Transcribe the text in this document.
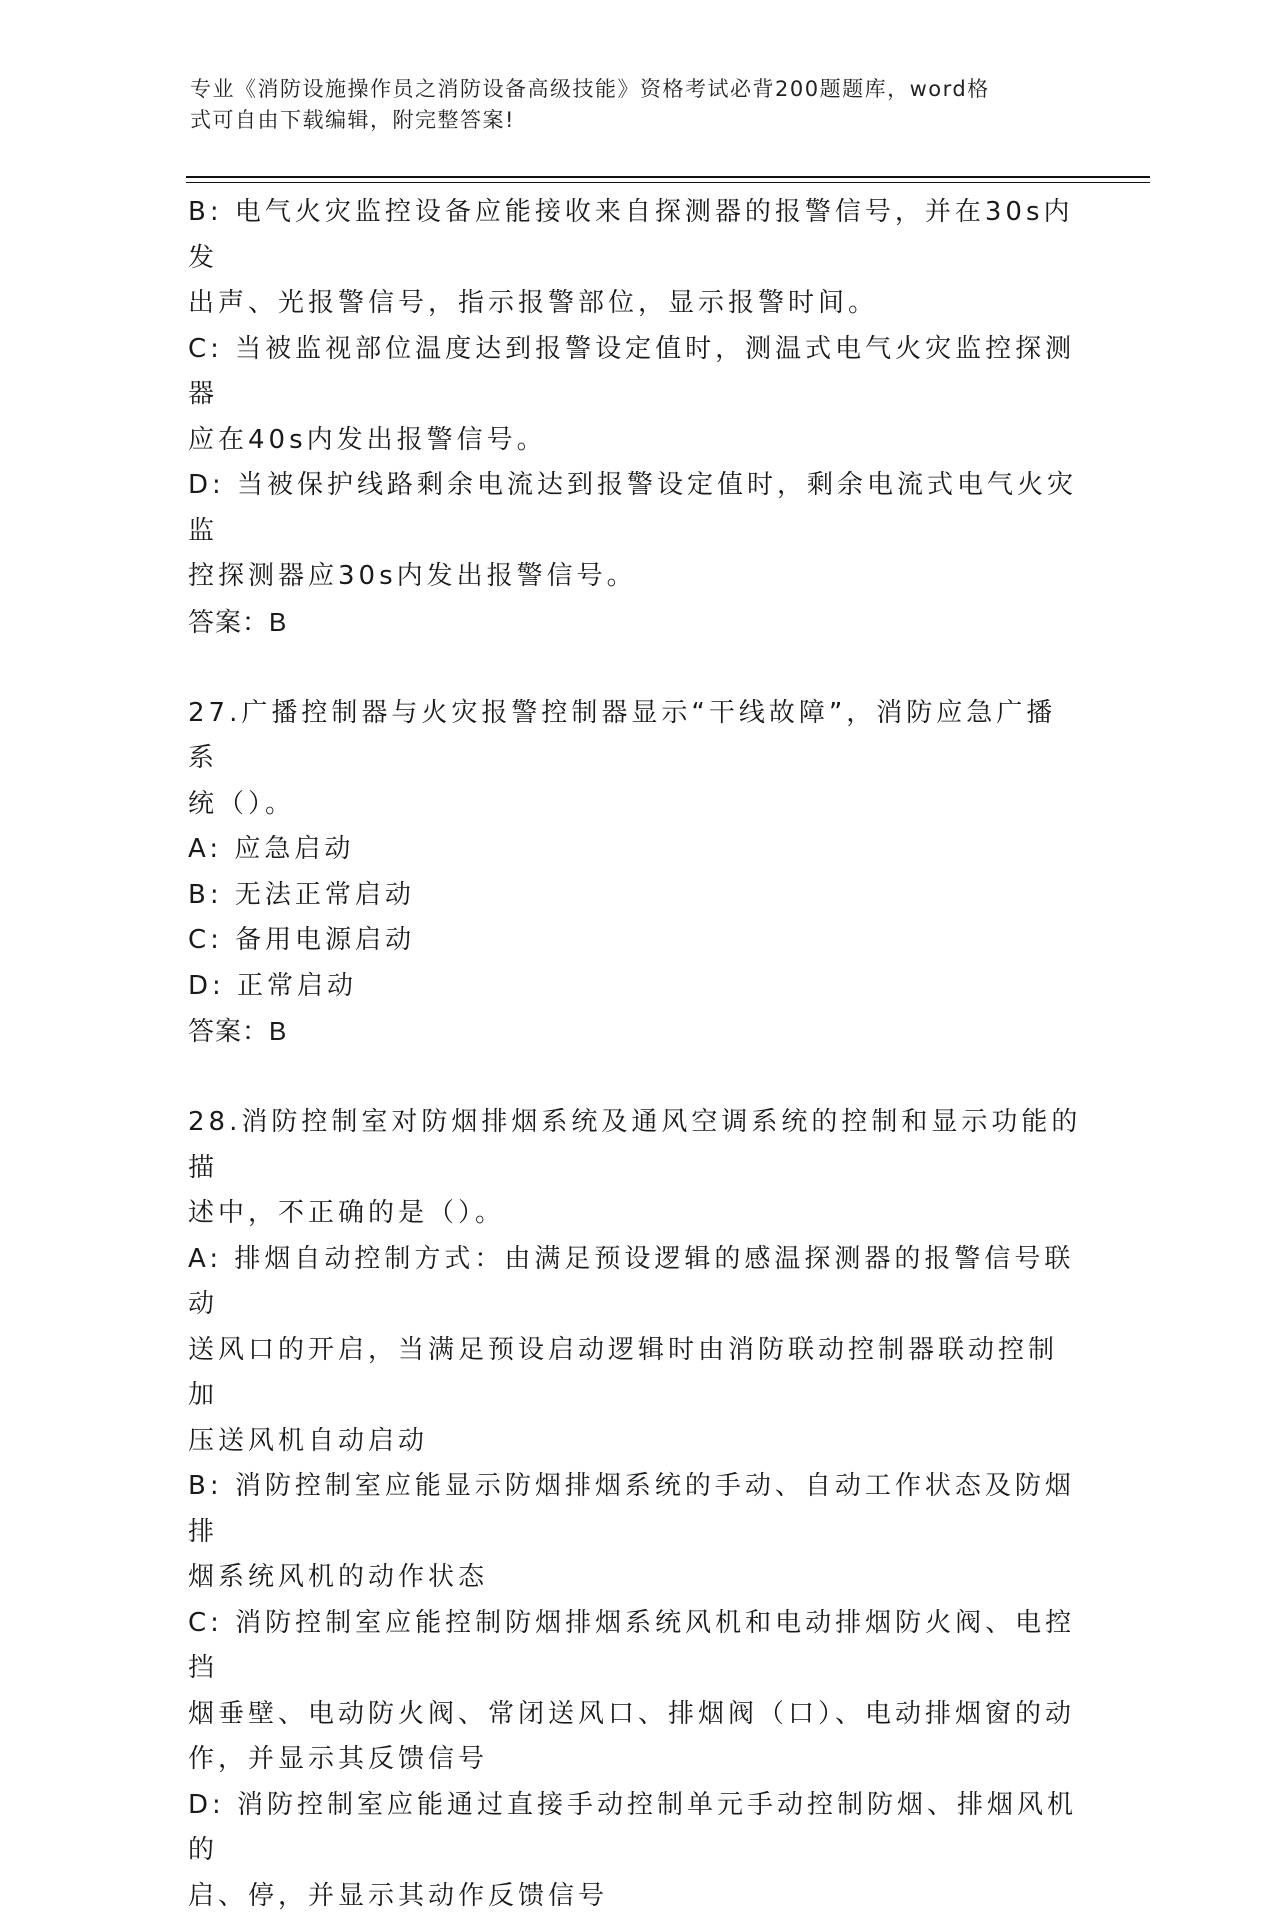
专业《消防设施操作员之消防设备高级技能》资格考试必背200题题库，word格
式可自由下载编辑，附完整答案!
B: 电气火灾监控设备应能接收来自探测器的报警信号，并在30s内发
出声、光报警信号，指示报警部位，显示报警时间。
C: 当被监视部位温度达到报警设定值时，测温式电气火灾监控探测器
应在40s内发出报警信号。
D: 当被保护线路剩余电流达到报警设定值时，剩余电流式电气火灾监
控探测器应30s内发出报警信号。
答案：B
27.广播控制器与火灾报警控制器显示“干线故障”，消防应急广播系
统（）。
A: 应急启动
B: 无法正常启动
C: 备用电源启动
D: 正常启动
答案：B
28.消防控制室对防烟排烟系统及通风空调系统的控制和显示功能的描
述中，不正确的是（）。
A: 排烟自动控制方式：由满足预设逻辑的感温探测器的报警信号联动
送风口的开启，当满足预设启动逻辑时由消防联动控制器联动控制加
压送风机自动启动
B: 消防控制室应能显示防烟排烟系统的手动、自动工作状态及防烟排
烟系统风机的动作状态
C: 消防控制室应能控制防烟排烟系统风机和电动排烟防火阀、电控挡
烟垂壁、电动防火阀、常闭送风口、排烟阀（口）、电动排烟窗的动
作，并显示其反馈信号
D: 消防控制室应能通过直接手动控制单元手动控制防烟、排烟风机的
启、停，并显示其动作反馈信号
